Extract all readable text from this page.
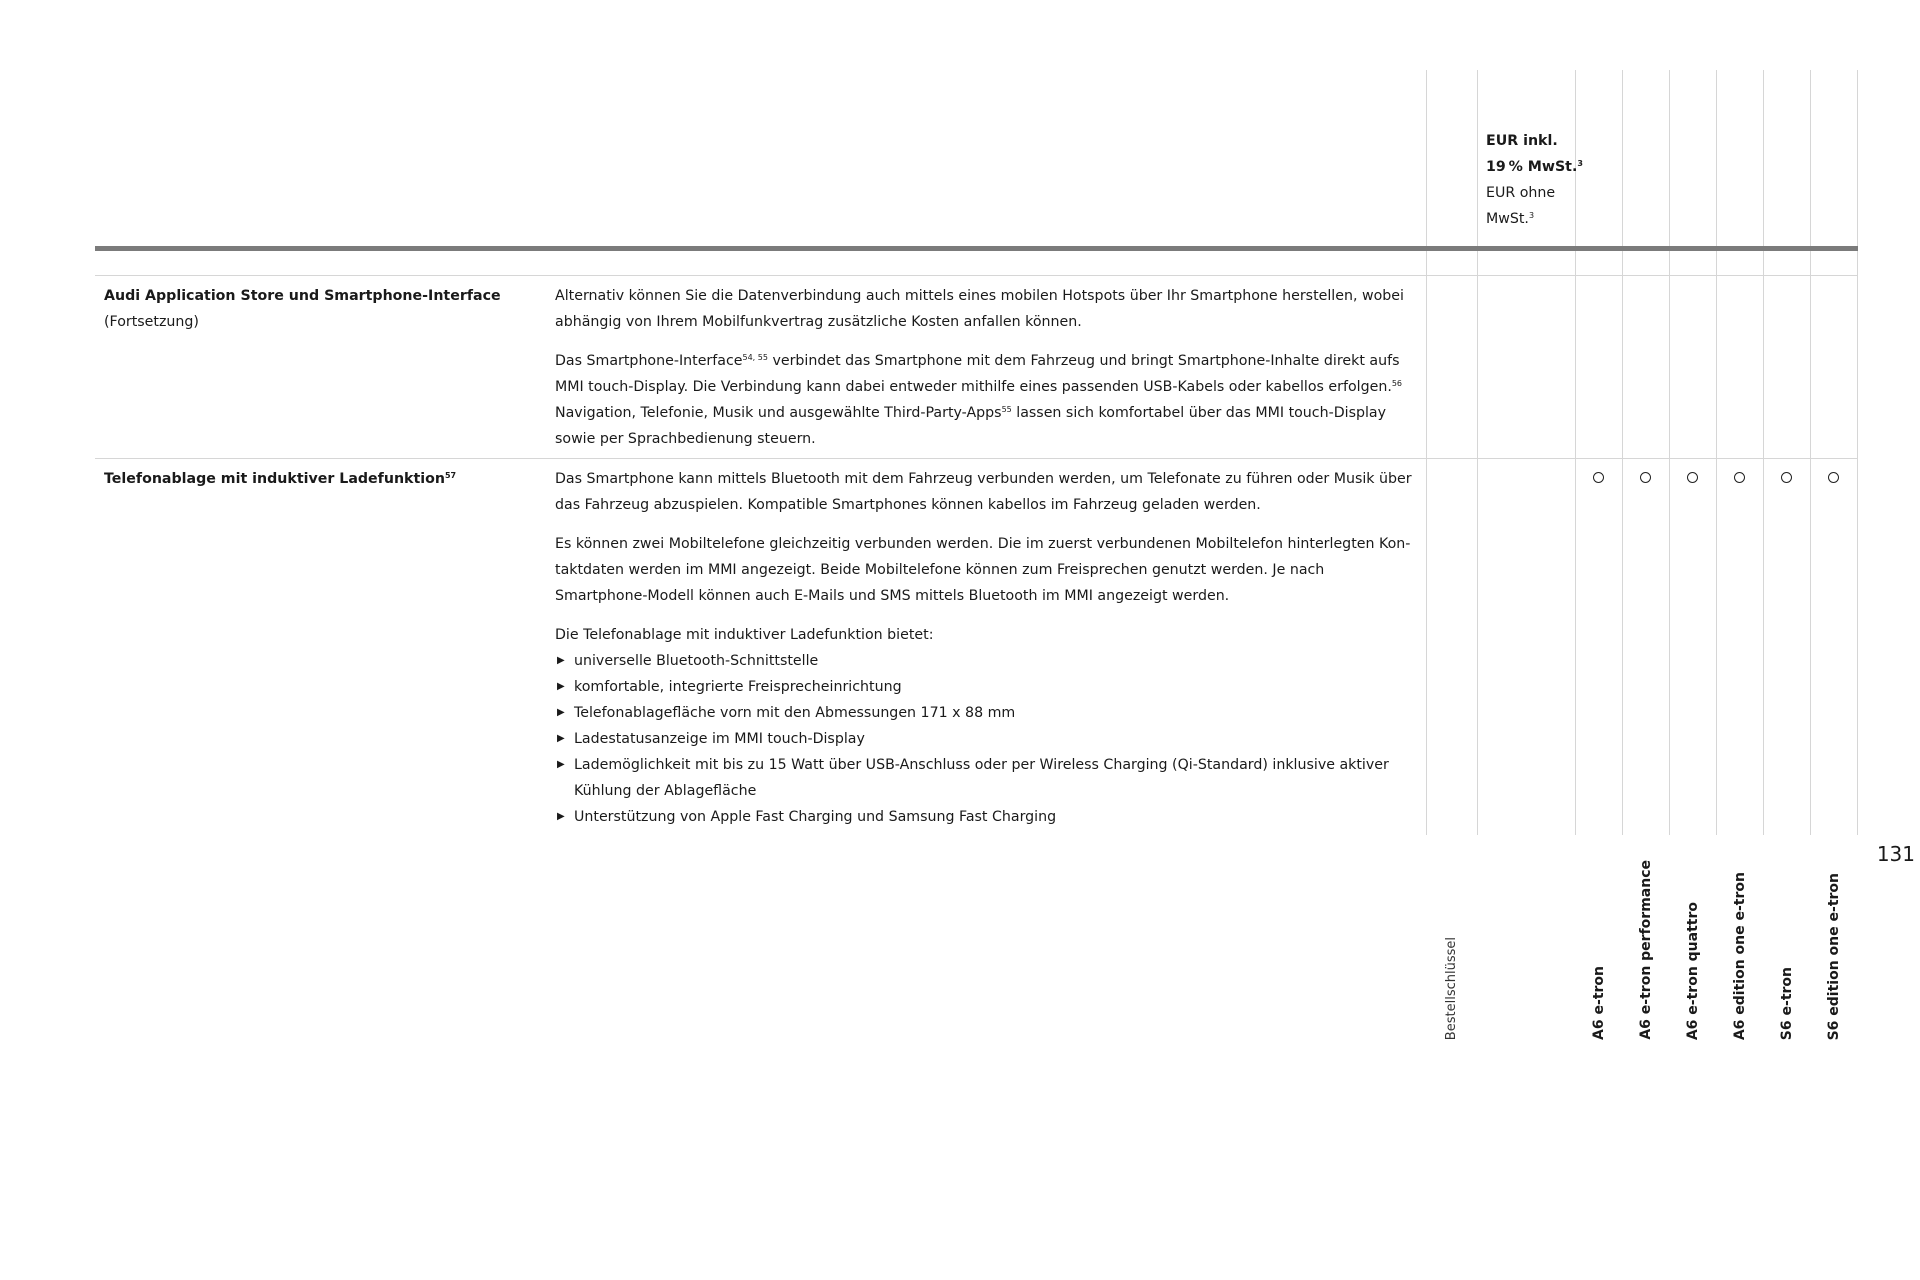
Bestellschlüssel
EUR inkl.
19 % MwSt.$^3$
EUR ohne
MwSt.$^3$
A6 e-tron A6 e-tron performance A6 e-tron quattro A6 edition one e-tron S6 e-tron S6 edition one e-tron
Audi Application Store und Smartphone-Interface
(Fortsetzung)

Alternativ können Sie die Datenverbindung auch mittels eines mobilen Hotspots über Ihr Smartphone herstellen, wobei abhängig von Ihrem Mobilfunkvertrag zusätzliche Kosten anfallen können.

Das Smartphone-Interface$^{54, 55}$ verbindet das Smartphone mit dem Fahrzeug und bringt Smartphone-Inhalte direkt aufs MMI touch-Display. Die Verbindung kann dabei entweder mithilfe eines passenden USB-Kabels oder kabellos erfolgen.$^{56}$ Navigation, Telefonie, Musik und ausgewählte Third-Party-Apps$^{55}$ lassen sich komfortabel über das MMI touch-Display sowie per Sprachbedienung steuern.

Telefonablage mit induktiver Ladefunktion$^{57}$	Das Smartphone kann mittels Bluetooth mit dem Fahrzeug verbunden werden, um Telefonate zu führen oder Musik über das Fahrzeug abzuspielen. Kompatible Smartphones können kabellos im Fahrzeug geladen werden.

Es können zwei Mobiltelefone gleichzeitig verbunden werden. Die im zuerst verbundenen Mobiltelefon hinterlegten Kon-taktdaten werden im MMI angezeigt. Beide Mobiltelefone können zum Freisprechen genutzt werden. Je nach Smartphone-Modell können auch E-Mails und SMS mittels Bluetooth im MMI angezeigt werden.

Die Telefonablage mit induktiver Ladefunktion bietet:

▶ universelle Bluetooth-Schnittstelle
▶ komfortable, integrierte Freisprecheinrichtung
▶ Telefonablagefläche vorn mit den Abmessungen 171 x 88 mm
▶ Ladestatusanzeige im MMI touch-Display
▶ Lademöglichkeit mit bis zu 15 Watt über USB-Anschluss oder per Wireless Charging (Qi-Standard) inklusive aktiver Kühlung der Ablagefläche
▶ Unterstützung von Apple Fast Charging und Samsung Fast Charging
131
